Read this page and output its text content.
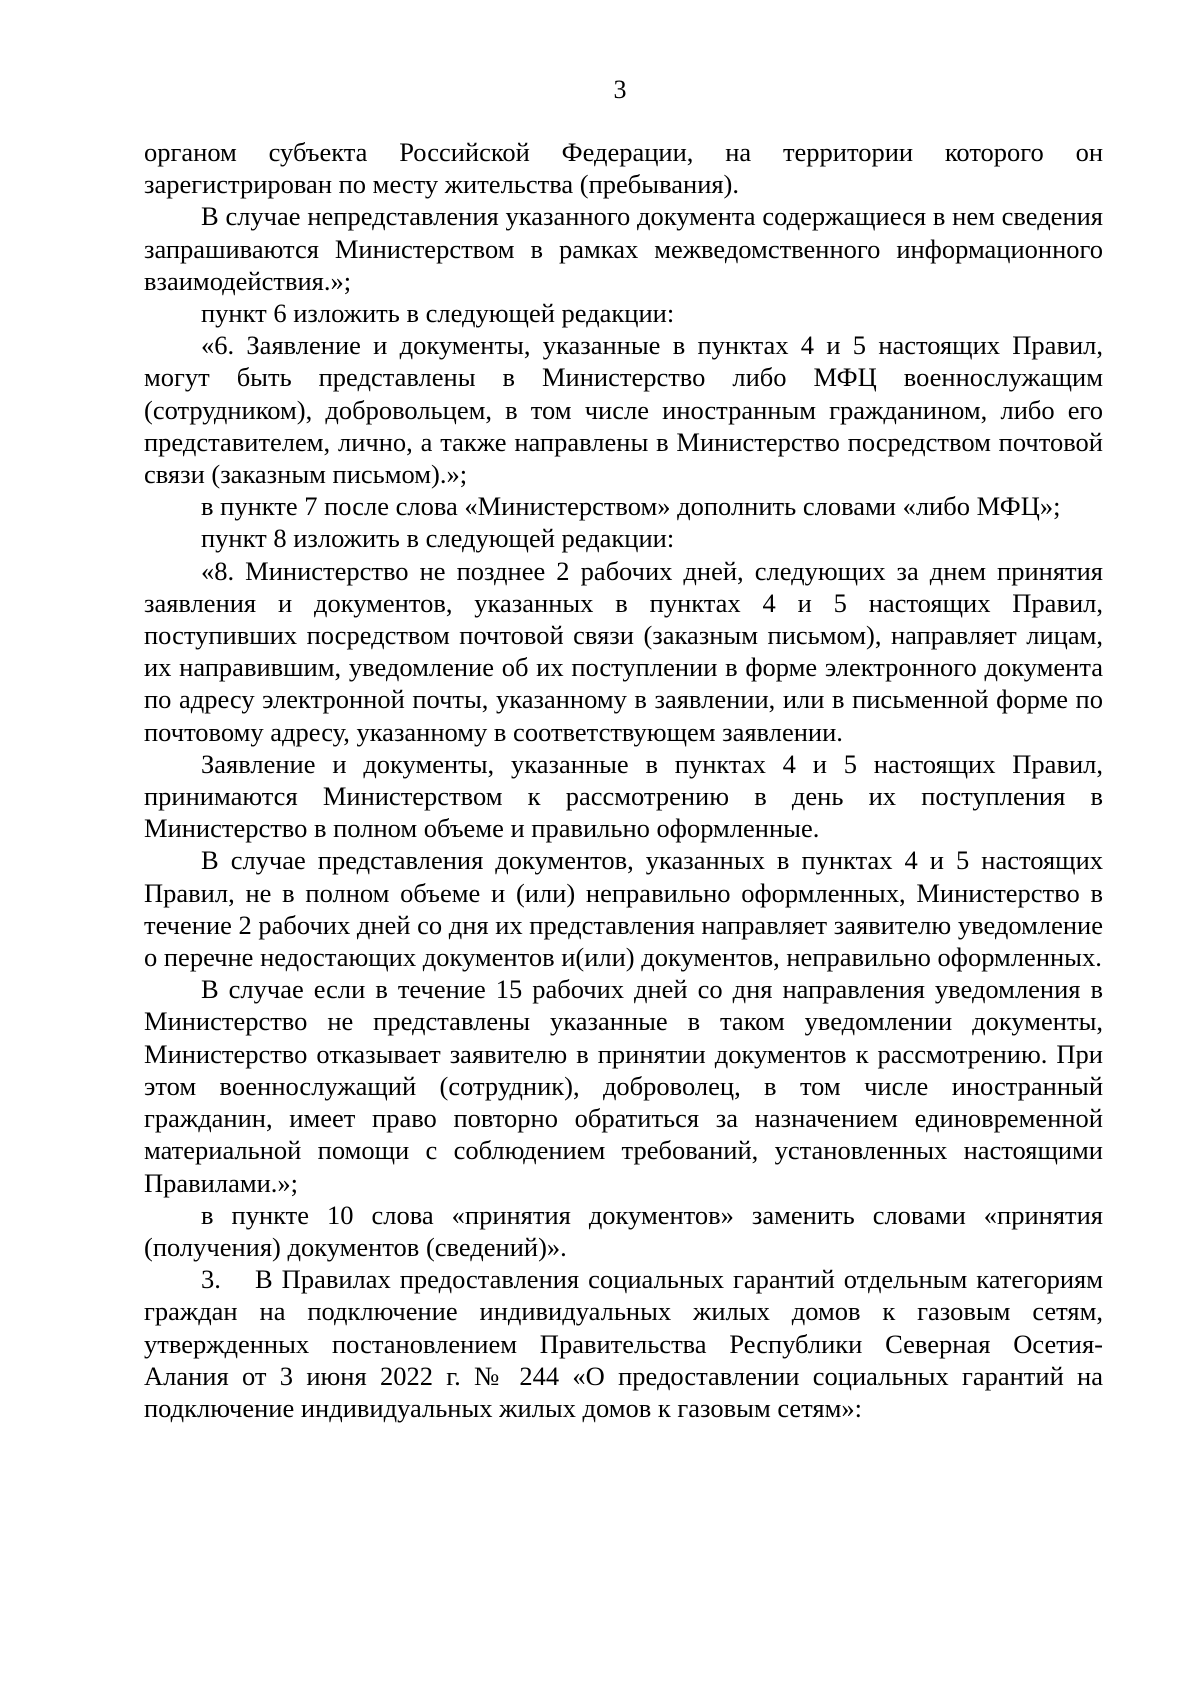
3

органом субъекта Российской Федерации, на территории которого он зарегистрирован по месту жительства (пребывания).

В случае непредставления указанного документа содержащиеся в нем сведения запрашиваются Министерством в рамках межведомственного информационного взаимодействия.»;

пункт 6 изложить в следующей редакции:

«6. Заявление и документы, указанные в пунктах 4 и 5 настоящих Правил, могут быть представлены в Министерство либо МФЦ военнослужащим (сотрудником), добровольцем, в том числе иностранным гражданином, либо его представителем, лично, а также направлены в Министерство посредством почтовой связи (заказным письмом).»;

в пункте 7 после слова «Министерством» дополнить словами «либо МФЦ»;

пункт 8 изложить в следующей редакции:

«8. Министерство не позднее 2 рабочих дней, следующих за днем принятия заявления и документов, указанных в пунктах 4 и 5 настоящих Правил, поступивших посредством почтовой связи (заказным письмом), направляет лицам, их направившим, уведомление об их поступлении в форме электронного документа по адресу электронной почты, указанному в заявлении, или в письменной форме по почтовому адресу, указанному в соответствующем заявлении.

Заявление и документы, указанные в пунктах 4 и 5 настоящих Правил, принимаются Министерством к рассмотрению в день их поступления в Министерство в полном объеме и правильно оформленные.

В случае представления документов, указанных в пунктах 4 и 5 настоящих Правил, не в полном объеме и (или) неправильно оформленных, Министерство в течение 2 рабочих дней со дня их представления направляет заявителю уведомление о перечне недостающих документов и(или) документов, неправильно оформленных.

В случае если в течение 15 рабочих дней со дня направления уведомления в Министерство не представлены указанные в таком уведомлении документы, Министерство отказывает заявителю в принятии документов к рассмотрению. При этом военнослужащий (сотрудник), доброволец, в том числе иностранный гражданин, имеет право повторно обратиться за назначением единовременной материальной помощи с соблюдением требований, установленных настоящими Правилами.»;

в пункте 10 слова «принятия документов» заменить словами «принятия (получения) документов (сведений)».

3. В Правилах предоставления социальных гарантий отдельным категориям граждан на подключение индивидуальных жилых домов к газовым сетям, утвержденных постановлением Правительства Республики Северная Осетия-Алания от 3 июня 2022 г. № 244 «О предоставлении социальных гарантий на подключение индивидуальных жилых домов к газовым сетям»:
